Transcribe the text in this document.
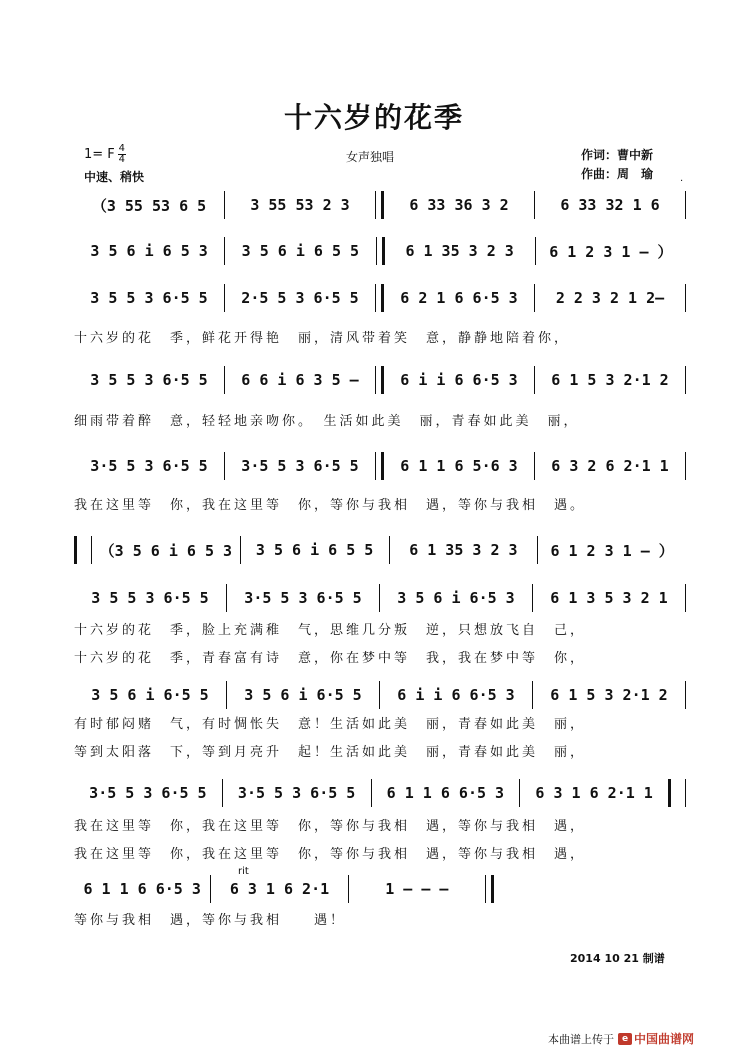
十六岁的花季
1= F $\frac{4}{4}$
中速、稍快
女声独唱	作词：曹中新
作曲：周　瑜
·
（3 55 53 6 5	3 55 53 2 3	6 33 36 3 2	6 33 32 1 6
3 5 6 i 6 5 3	3 5 6 i 6 5 5	6 1 35 3 2 3	6 1 2 3 1 – ）
3 5 5 3 6·5 5	2·5 5 3 6·5 5	6 2 1 6 6·5 3	2 2 3 2 1 2–
十六岁的花　季，鲜花开得艳　丽，清风带着笑　意，静静地陪着你，
3 5 5 3 6·5 5	6 6 i 6 3 5 –	6 i i 6 6·5 3	6 1 5 3 2·1 2
细雨带着醉　意，轻轻地亲吻你。　生活如此美　丽，青春如此美　丽，
3·5 5 3 6·5 5	3·5 5 3 6·5 5	6 1 1 6 5·6 3	6 3 2 6 2·1 1
我在这里等　你，我在这里等　你，等你与我相　遇，等你与我相　遇。
（3 5 6 i 6 5 3	3 5 6 i 6 5 5	6 1 35 3 2 3	6 1 2 3 1 – ）
3 5 5 3 6·5 5	3·5 5 3 6·5 5	3 5 6 i 6·5 3	6 1 3 5 3 2 1
十六岁的花　季，脸上充满稚　气，思维几分叛　逆，只想放飞自　己，
十六岁的花　季，青春富有诗　意，你在梦中等　我，我在梦中等　你，
3 5 6 i 6·5 5	3 5 6 i 6·5 5	6 i i 6 6·5 3	6 1 5 3 2·1 2
有时郁闷赌　气，有时惆怅失　意！生活如此美　丽，青春如此美　丽，
等到太阳落　下，等到月亮升　起！生活如此美　丽，青春如此美　丽，
3·5 5 3 6·5 5	3·5 5 3 6·5 5	6 1 1 6 6·5 3	6 3 1 6 2·1 1
我在这里等　你，我在这里等　你，等你与我相　遇，等你与我相　遇，
我在这里等　你，我在这里等　你，等你与我相　遇，等你与我相　遇，
rit
6 1 1 6 6·5 3	6 3 1 6 2·1	1 – – –
等你与我相　遇，等你与我相　　遇！
2014 10 21 制谱
本曲谱上传于 e 中国曲谱网
